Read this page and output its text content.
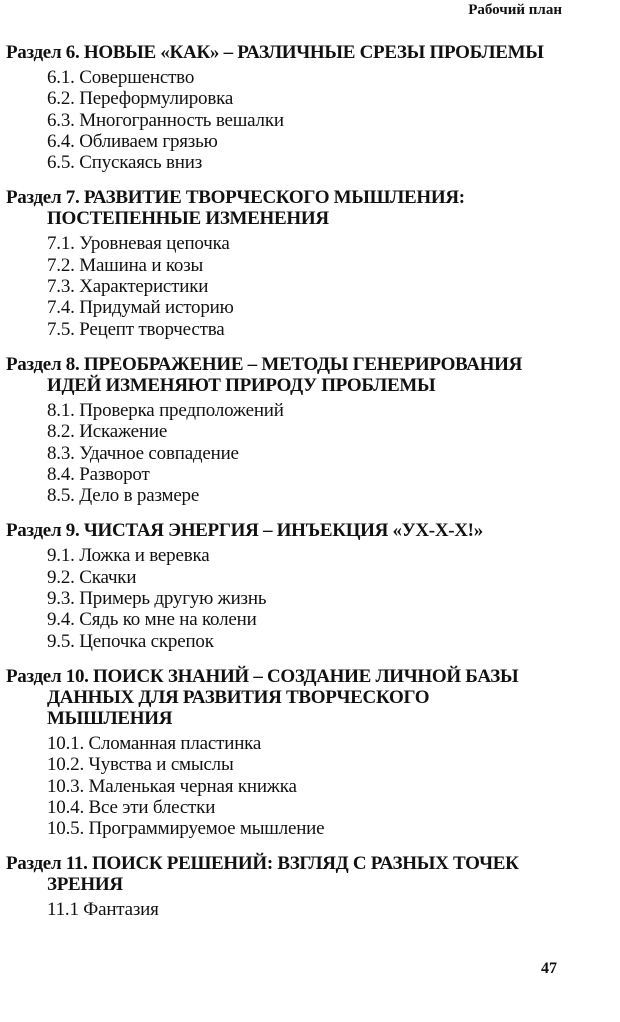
Рабочий план
Раздел 6. НОВЫЕ «КАК» – РАЗЛИЧНЫЕ СРЕЗЫ ПРОБЛЕМЫ
6.1. Совершенство
6.2. Переформулировка
6.3. Многогранность вешалки
6.4. Обливаем грязью
6.5. Спускаясь вниз
Раздел 7. РАЗВИТИЕ ТВОРЧЕСКОГО МЫШЛЕНИЯ:
ПОСТЕПЕННЫЕ ИЗМЕНЕНИЯ
7.1. Уровневая цепочка
7.2. Машина и козы
7.3. Характеристики
7.4. Придумай историю
7.5. Рецепт творчества
Раздел 8. ПРЕОБРАЖЕНИЕ – МЕТОДЫ ГЕНЕРИРОВАНИЯ
ИДЕЙ ИЗМЕНЯЮТ ПРИРОДУ ПРОБЛЕМЫ
8.1. Проверка предположений
8.2. Искажение
8.3. Удачное совпадение
8.4. Разворот
8.5. Дело в размере
Раздел 9. ЧИСТАЯ ЭНЕРГИЯ – ИНЪЕКЦИЯ «УХ-Х-Х!»
9.1. Ложка и веревка
9.2. Скачки
9.3. Примерь другую жизнь
9.4. Сядь ко мне на колени
9.5. Цепочка скрепок
Раздел 10. ПОИСК ЗНАНИЙ – СОЗДАНИЕ ЛИЧНОЙ БАЗЫ
ДАННЫХ ДЛЯ РАЗВИТИЯ ТВОРЧЕСКОГО
МЫШЛЕНИЯ
10.1. Сломанная пластинка
10.2. Чувства и смыслы
10.3. Маленькая черная книжка
10.4. Все эти блестки
10.5. Программируемое мышление
Раздел 11. ПОИСК РЕШЕНИЙ: ВЗГЛЯД С РАЗНЫХ ТОЧЕК
ЗРЕНИЯ
11.1 Фантазия
47
